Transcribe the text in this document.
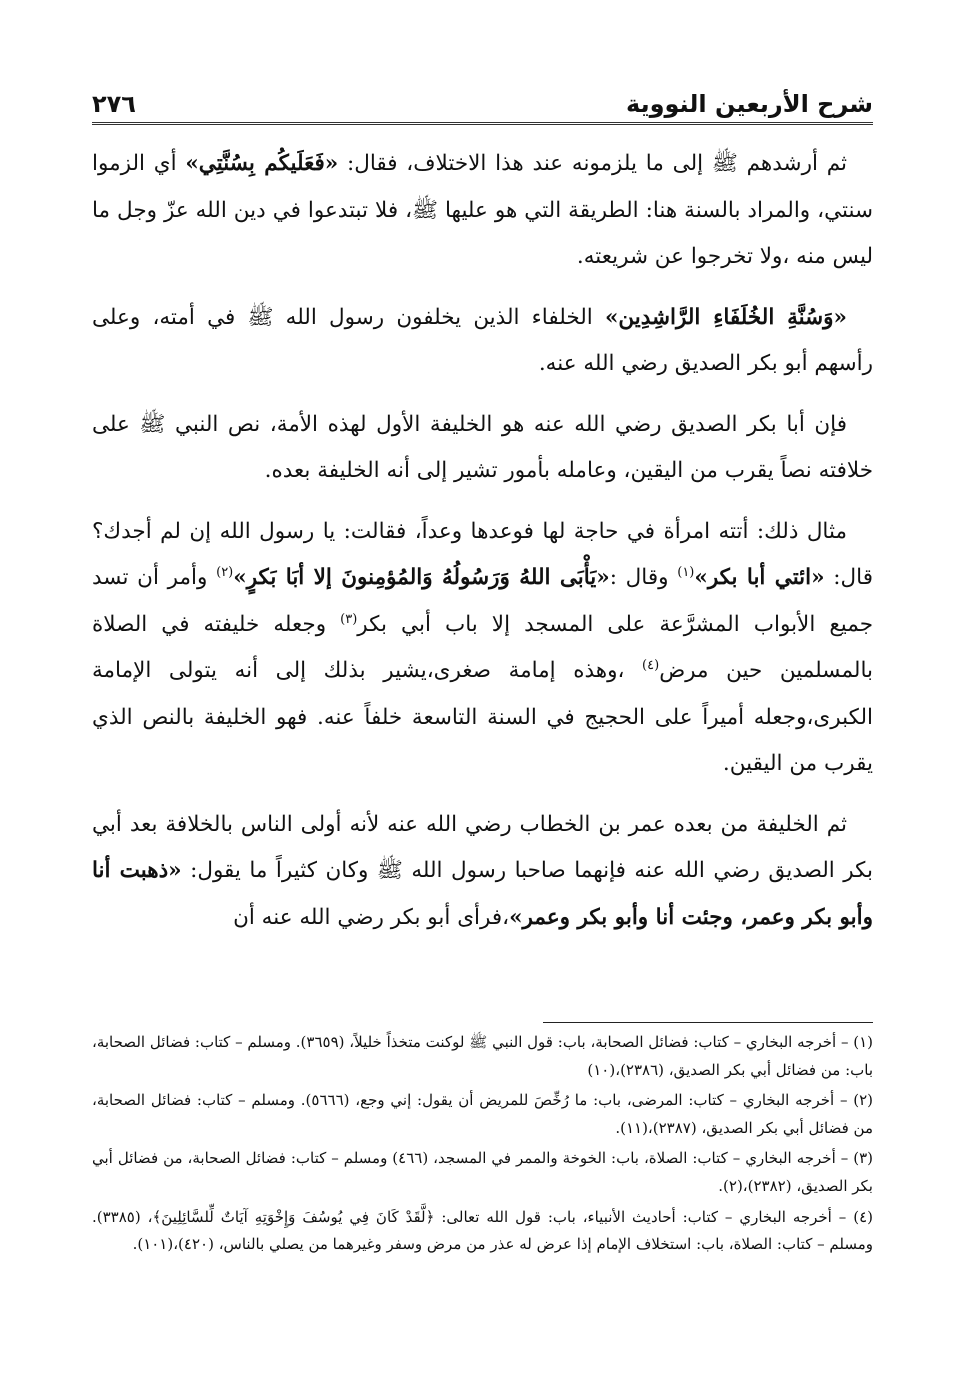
شرح الأربعين النووية
٢٧٦

ثم أرشدهم ﷺ إلى ما يلزمونه عند هذا الاختلاف، فقال: «فَعَلَيكُم بِسُنَّتِي» أي الزموا سنتي، والمراد بالسنة هنا: الطريقة التي هو عليها ﷺ، فلا تبتدعوا في دين الله عزّ وجل ما ليس منه ،ولا تخرجوا عن شريعته.

«وَسُنَّةِ الخُلَفَاءِ الرَّاشِدِين» الخلفاء الذين يخلفون رسول الله ﷺ في أمته، وعلى رأسهم أبو بكر الصديق رضي الله عنه.

فإن أبا بكر الصديق رضي الله عنه هو الخليفة الأول لهذه الأمة، نص النبي ﷺ على خلافته نصاً يقرب من اليقين، وعامله بأمور تشير إلى أنه الخليفة بعده.

مثال ذلك: أتته امرأة في حاجة لها فوعدها وعداً، فقالت: يا رسول الله إن لم أجدك؟ قال: «ائتي أبا بكر»$^{(١)}$ وقال :«يَأْبَى اللهُ وَرَسُولُهُ وَالمُؤمِنونَ إلا أبَا بَكرٍ»$^{(٢)}$ وأمر أن تسد جميع الأبواب المشرَّعة على المسجد إلا باب أبي بكر$^{(٣)}$ وجعله خليفته في الصلاة بالمسلمين حين مرض$^{(٤)}$ ،وهذه إمامة صغرى،يشير بذلك إلى أنه يتولى الإمامة الكبرى،وجعله أميراً على الحجيج في السنة التاسعة خلفاً عنه. فهو الخليفة بالنص الذي يقرب من اليقين.

ثم الخليفة من بعده عمر بن الخطاب رضي الله عنه لأنه أولى الناس بالخلافة بعد أبي بكر الصديق رضي الله عنه فإنهما صاحبا رسول الله ﷺ وكان كثيراً ما يقول: «ذهبت أنا وأبو بكر وعمر، وجئت أنا وأبو بكر وعمر»،فرأى أبو بكر رضي الله عنه أن

(١) – أخرجه البخاري – كتاب: فضائل الصحابة، باب: قول النبي ﷺ لوكنت متخذاً خليلاً، (٣٦٥٩). ومسلم – كتاب: فضائل الصحابة، باب: من فضائل أبي بكر الصديق، (٢٣٨٦)،(١٠)
(٢) – أخرجه البخاري – كتاب: المرضى، باب: ما رُخِّصَ للمريض أن يقول: إني وجع، (٥٦٦٦). ومسلم – كتاب: فضائل الصحابة، من فضائل أبي بكر الصديق، (٢٣٨٧)،(١١).
(٣) – أخرجه البخاري – كتاب: الصلاة، باب: الخوخة والممر في المسجد، (٤٦٦) ومسلم – كتاب: فضائل الصحابة، من فضائل أبي بكر الصديق، (٢٣٨٢)،(٢).
(٤) – أخرجه البخاري – كتاب: أحاديث الأنبياء، باب: قول الله تعالى: ﴿لَّقَدْ كَانَ فِي يُوسُفَ وَإِخْوَتِهِ آيَاتٌ لِّلسَّائِلِينَ﴾، (٣٣٨٥). ومسلم – كتاب: الصلاة، باب: استخلاف الإمام إذا عرض له عذر من مرض وسفر وغيرهما من يصلي بالناس، (٤٢٠)،(١٠١).
